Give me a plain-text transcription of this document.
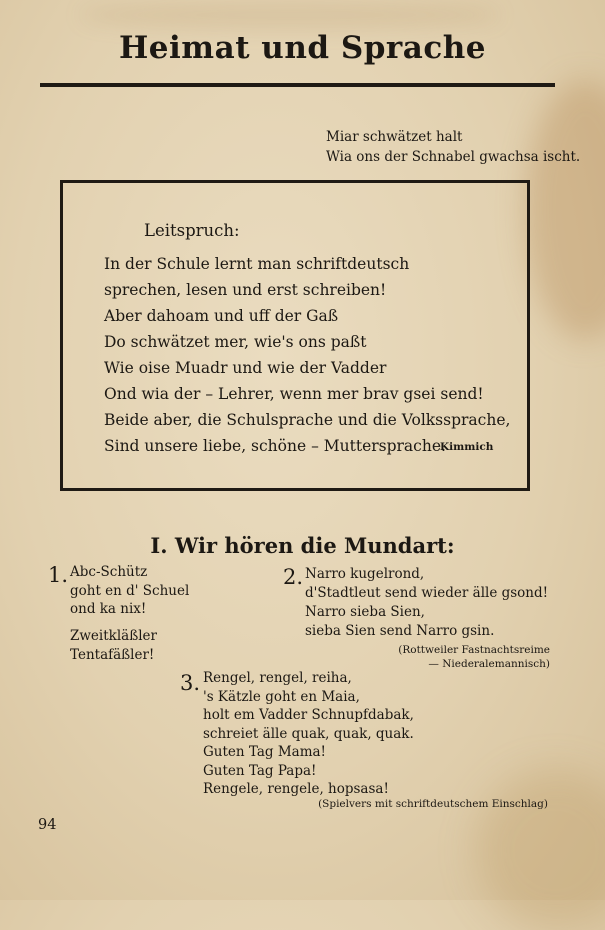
Heimat und Sprache
Miar schwätzet halt
Wia ons der Schnabel gwachsa ischt.
Leitspruch:
In der Schule lernt man schriftdeutsch
sprechen, lesen und erst schreiben!
Aber dahoam und uff der Gaß
Do schwätzet mer, wie's ons paßt
Wie oise Muadr und wie der Vadder
Ond wia der – Lehrer, wenn mer brav gsei send!
Beide aber, die Schulsprache und die Volkssprache,
Sind unsere liebe, schöne – Muttersprache.
Kimmich
I. Wir hören die Mundart:
1. Abc-Schütz
goht en d' Schuel
ond ka nix!
Zweitkläßler
Tentafäßler!
2. Narro kugelrond,
d'Stadtleut send wieder älle gsond!
Narro sieba Sien,
sieba Sien send Narro gsin.
(Rottweiler Fastnachtsreime
— Niederalemannisch)
3. Rengel, rengel, reiha,
's Kätzle goht en Maia,
holt em Vadder Schnupfdabak,
schreiet älle quak, quak, quak.
Guten Tag Mama!
Guten Tag Papa!
Rengele, rengele, hopsasa!
(Spielvers mit schriftdeutschem Einschlag)
94
